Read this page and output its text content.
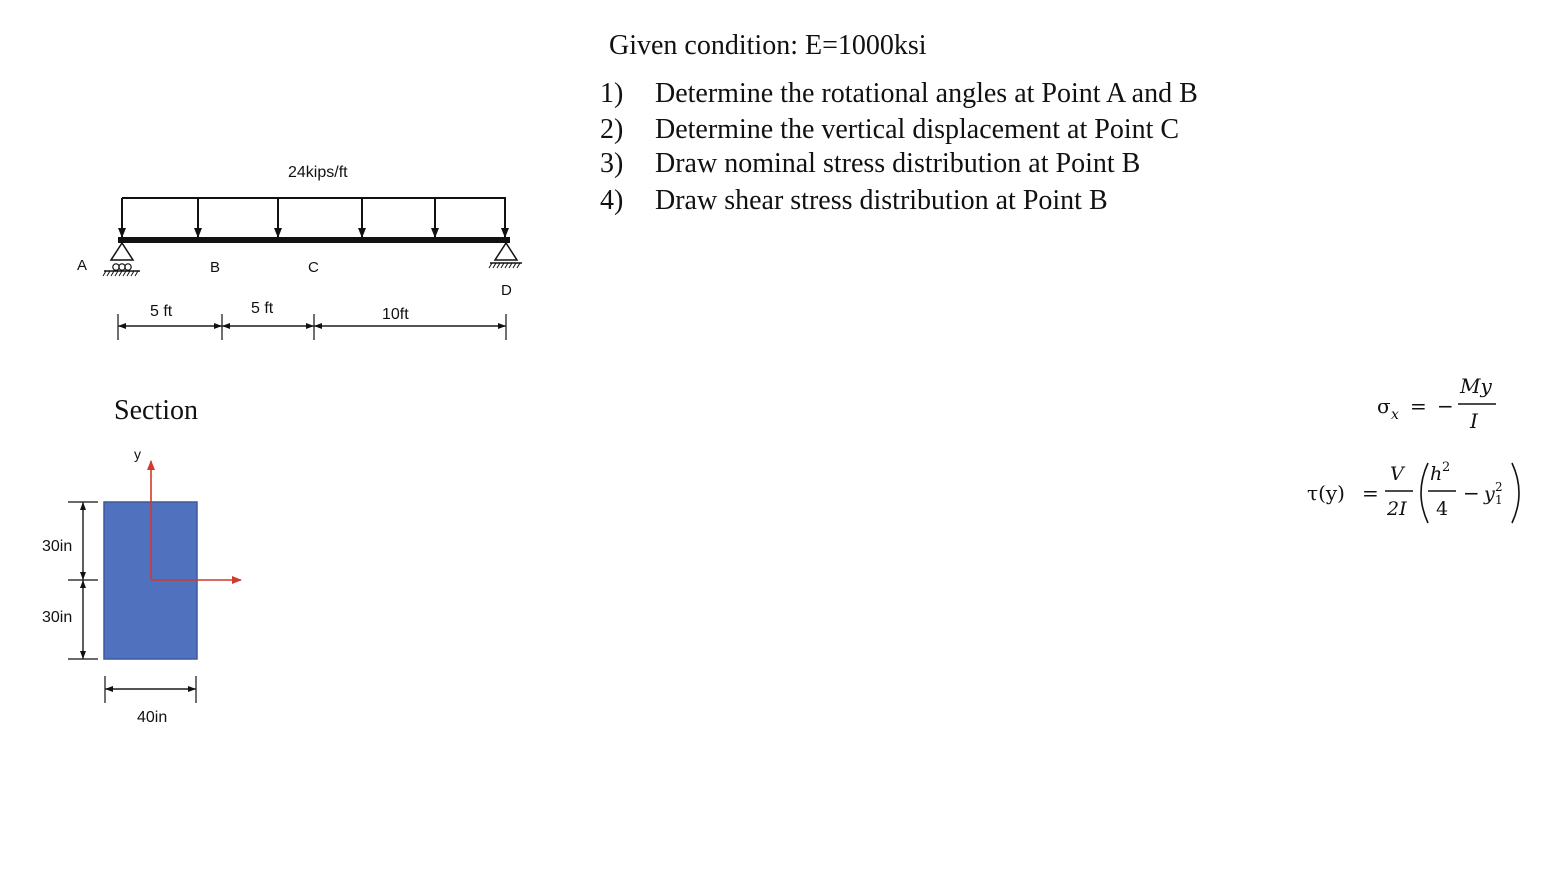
Given condition: E=1000ksi
1) Determine the rotational angles at Point A and B
2) Determine the vertical displacement at Point C
3) Draw nominal stress distribution at Point B
4) Draw shear stress distribution at Point B
24kips/ft
A	B	C
D
5 ft	5 ft	10ft
Section
y
30in
30in
40in
σ x = −
My
I
τ(y) =
V
2I
h 2
4
− y 2
1
